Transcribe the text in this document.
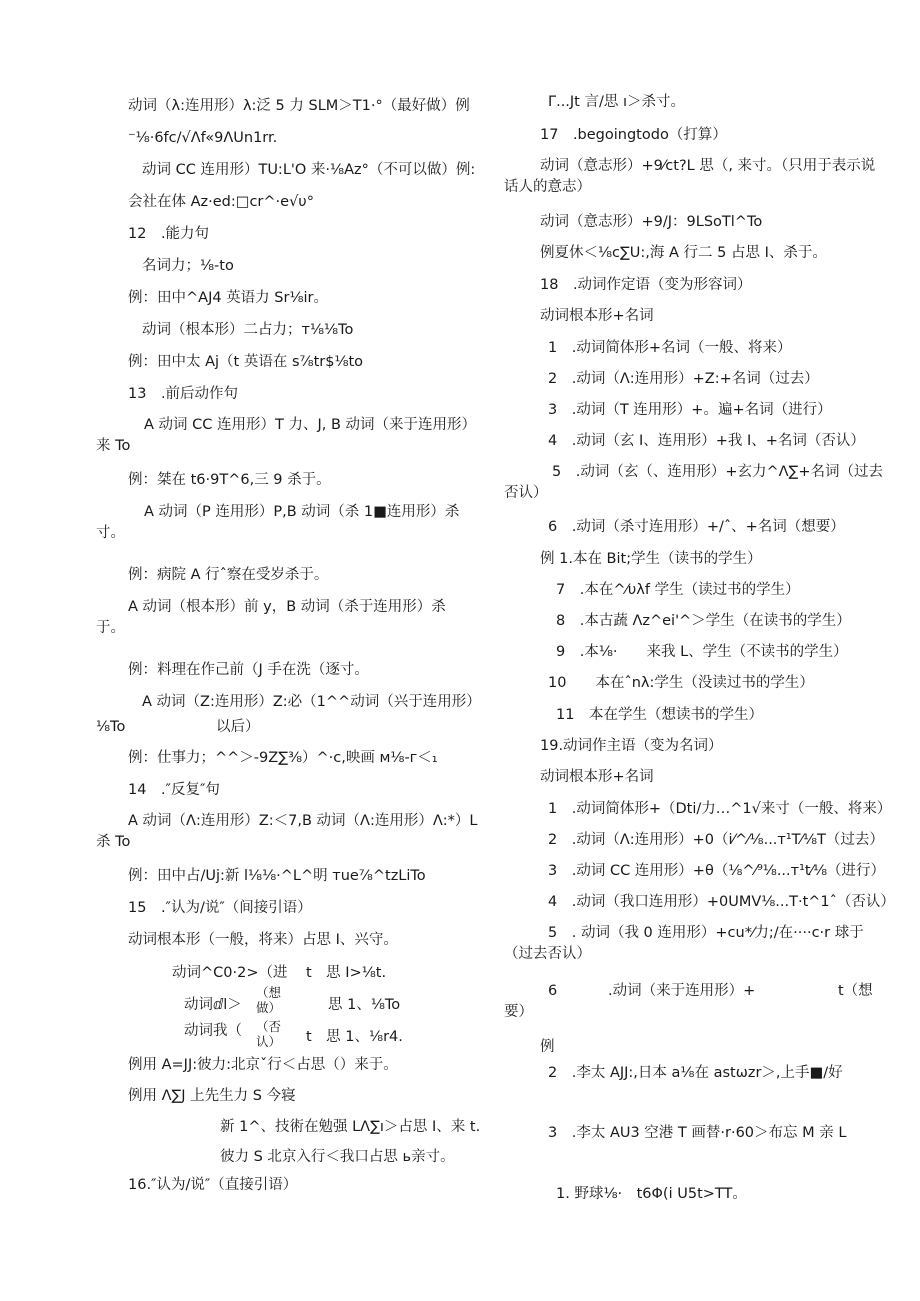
动词（λ:连用形）λ:泛 5 力 SLM＞T1·°（最好做）例
⁻⅛·6fc/√Λf«9ΛUn1rr.
动词 CC 连用形）TU:L'O 来·⅛Az°（不可以做）例:
会社在体 Az·ed:□cr^·e√υ°
12　.能力句
名词力；⅛-to
例：田中^AJ4 英语力 Sr⅛ir。
动词（根本形）二占力；т⅛⅛To
例：田中太 Aj（t 英语在 s⅞tr$⅛to
13　.前后动作句
A 动词 CC 连用形）T 力、J, B 动词（来于连用形）来 To
例：桀在 t6·9T^6,三 9 杀于。
A 动词（P 连用形）P,B 动词（杀 1■连用形）杀寸。
例：病院 A 行ˆ察在受岁杀于。
A 动词（根本形）前 y，B 动词（杀于连用形）杀于。
例：料理在作己前（J 手在洗（逐寸。
A 动词（Z:连用形）Z:必（1^^动词（兴于连用形）
⅛To	以后）
例：仕事力；^^＞-9Z∑⅜）^·c,映画 м⅛-г＜₁
14　.″反复″句
A 动词（Λ:连用形）Z:＜7,B 动词（Λ:连用形）Λ:*）L 杀 To
例：田中占/Uj:新 l⅛⅛·^L^明 тue⅞^tzLiTo
15　.″认为/说″（间接引语）
动词根本形（一般，将来）占思 I、兴守。
动词^C0·2>（进 t　思 I>⅛t.
动词ⅆl＞
（想做）	思 1、⅛To
动词我（ （否认）	t　思 1、⅛r4.
例用 A=JJ:彼力:北京ˇ行＜占思（）来于。
例用 Λ∑J 上先生力 S 今寝
新 1^、技術在勉强 LΛ∑ı＞占思 I、来 t.
彼力 S 北京入行＜我口占思 ь亲寸。
16.″认为/说″（直接引语）
Γ...Jt 言/思 ı＞杀寸。
17　.begoingtodo（打算）
动词（意志形）+9⁄ct?L 思（, 来寸。（只用于表示说话人的意志）
动词（意志形）+9/J：9LSoTl^To
例夏休＜⅛c∑U:,海 A 行二 5 占思 I、杀于。
18　.动词作定语（变为形容词）
动词根本形+名词
1　.动词简体形+名词（一般、将来）
2　.动词（Λ:连用形）+Z:+名词（过去）
3　.动词（T 连用形）+。遍+名词（进行）
4　.动词（玄 I、连用形）+我 I、+名词（否认）
5　.动词（玄（、连用形）+玄力^Λ∑+名词（过去否认）
6　.动词（杀寸连用形）+/ˆ、+名词（想要）
例 1.本在 Bit;学生（读书的学生）
7　.本在^⁄υλf 学生（读过书的学生）
8　.本古蔬 Λz^ei'^＞学生（在读书的学生）
9　.本⅛·　　来我 L、学生（不读书的学生）
10　　本在ˆnλ:学生（没读过书的学生）
11　本在学生（想读书的学生）
19.动词作主语（变为名词）
动词根本形+名词
1　.动词简体形+（Dti/力…^1√来寸（一般、将来）
2　.动词（Λ:连用形）+0（i⁄^⁄⅛...т¹T⁄⅛T（过去）
3　.动词 CC 连用形）+θ（⅛^⁄⁹⅛...т¹t⁄⅛（进行）
4　.动词（我口连用形）+0UMV⅛...T·t^1ˆ（否认）
5　. 动词（我 0 连用形）+cu*⁄力;/在····c·r 球于（过去否认）
6	.动词（来于连用形）+	t（想要）
例
2　.李太 AJJ:,日本 a⅛在 astωzr＞,上手■/好
3　.李太 AU3 空港 T 画替·r·60＞布忘 M 亲 L
1. 野球⅛·　t6Φ(i U5t>TT。
